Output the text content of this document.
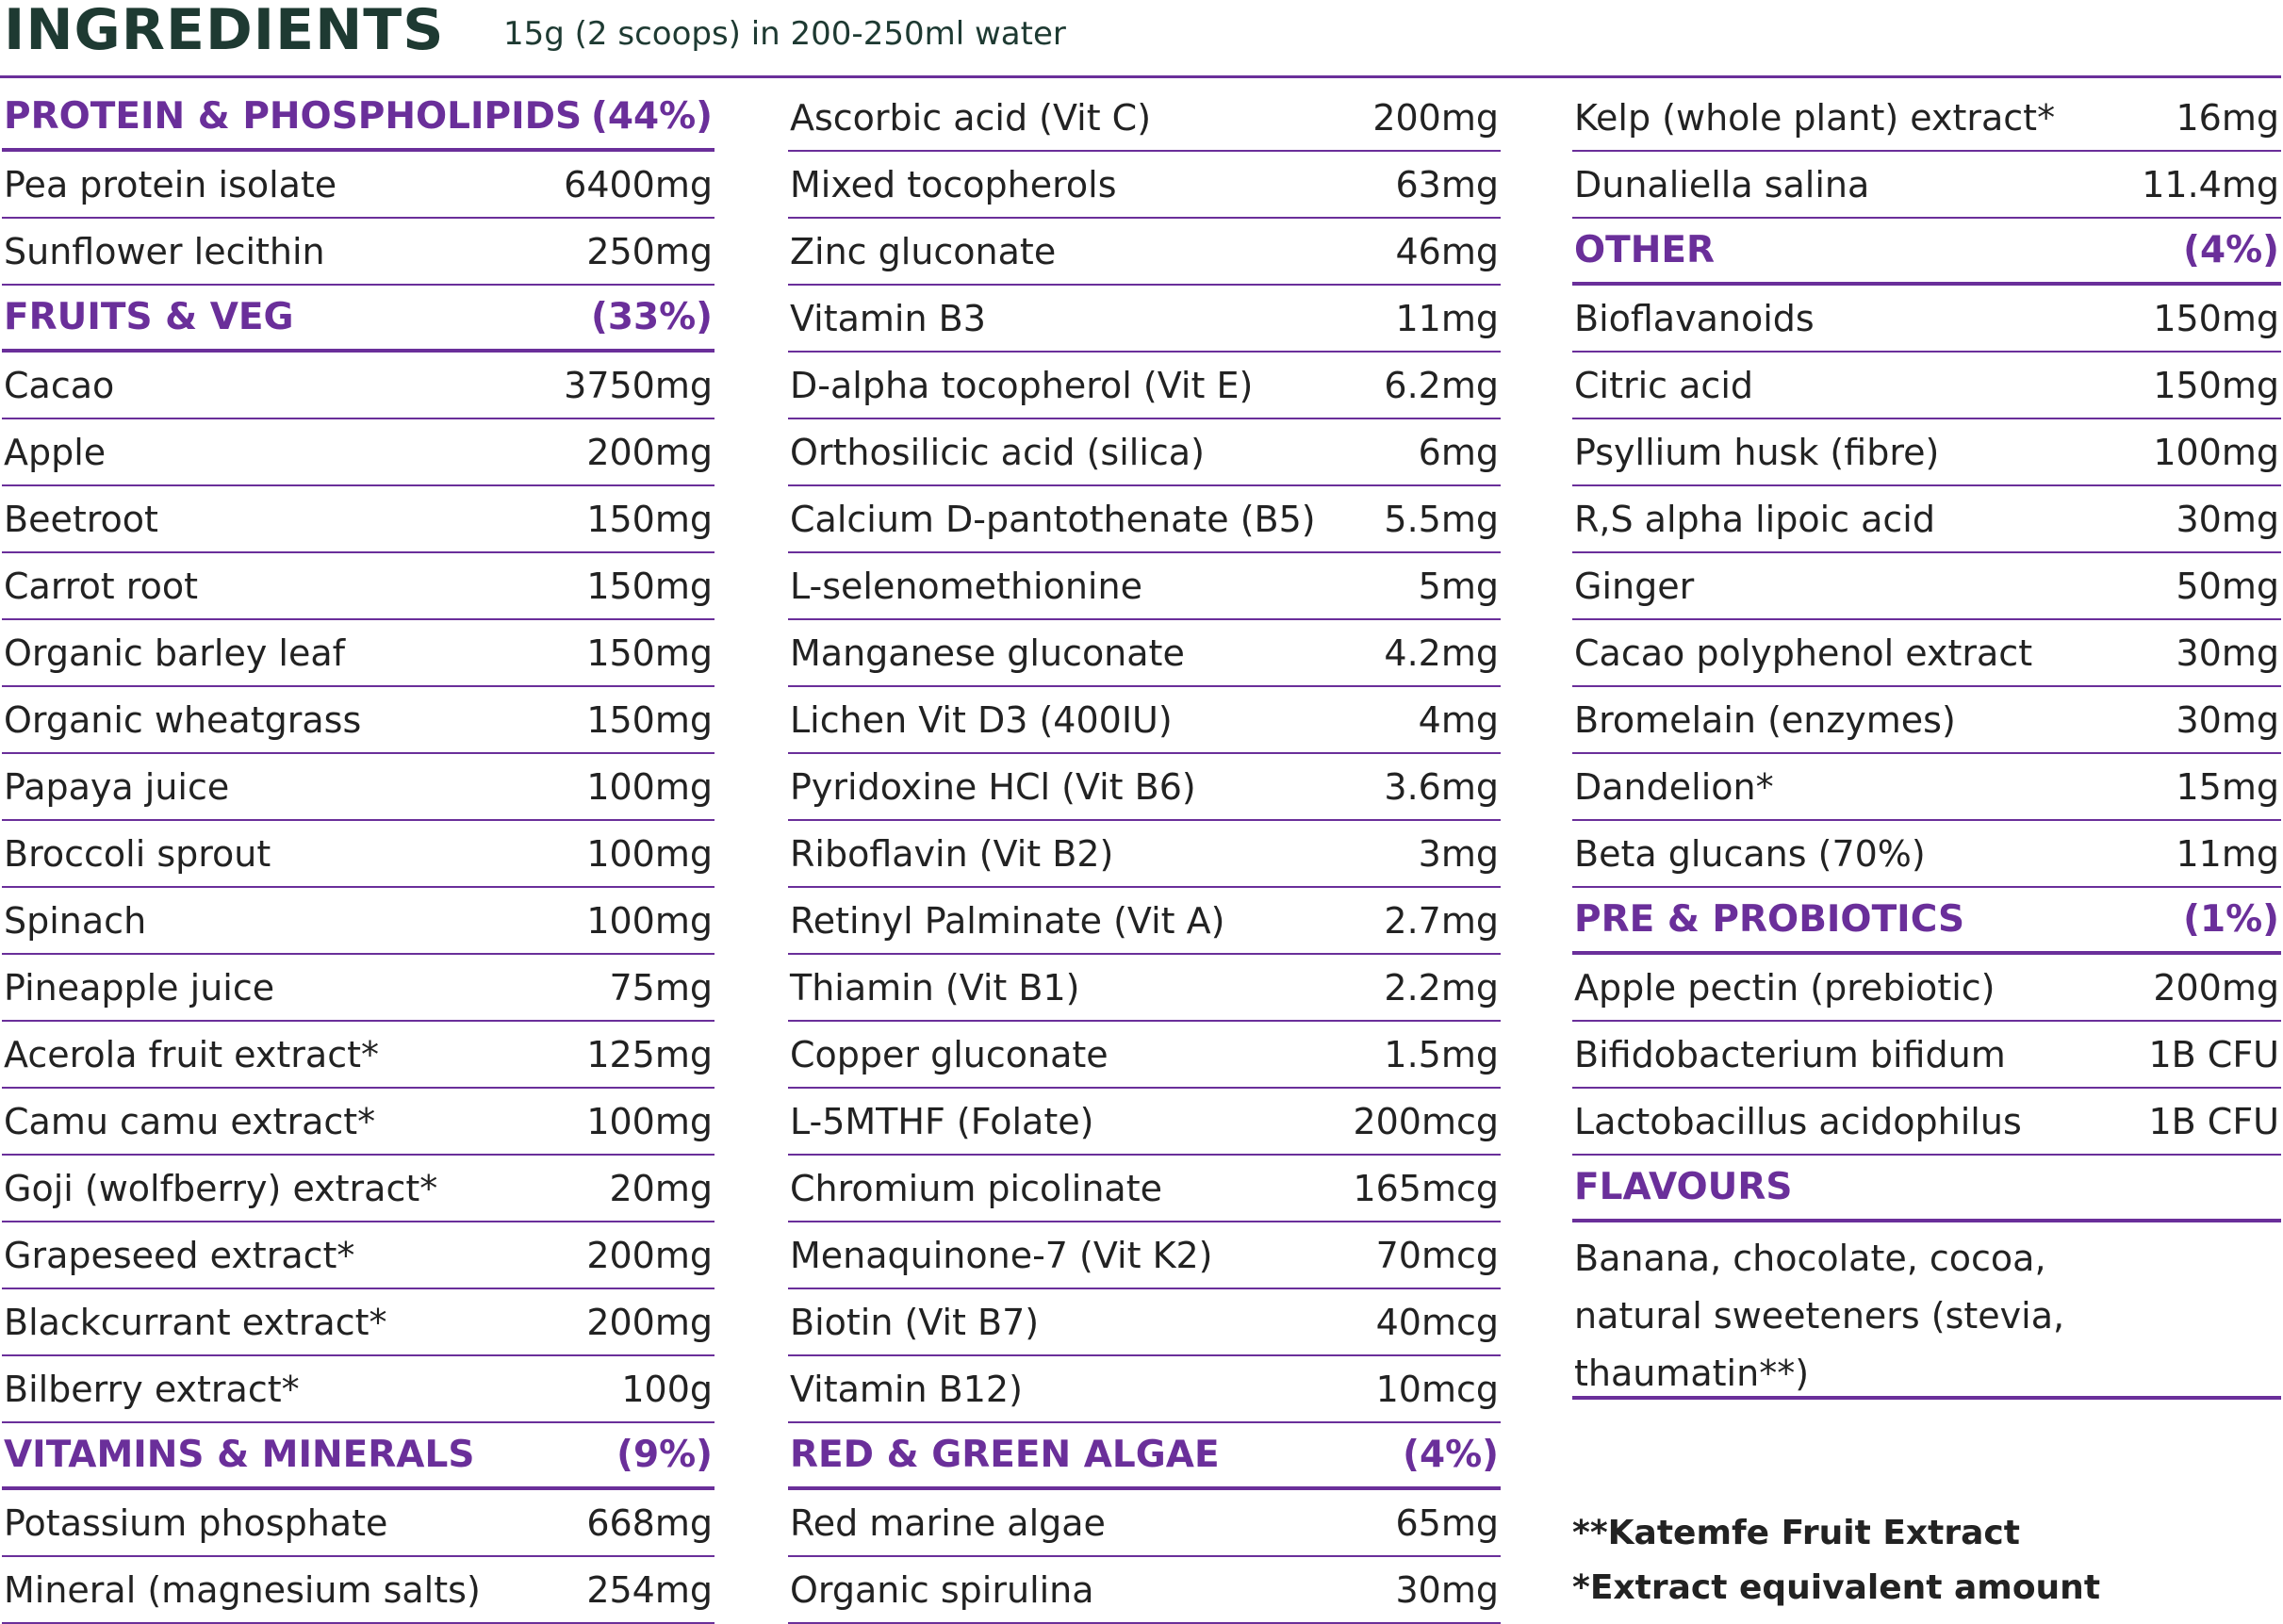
INGREDIENTS 15g (2 scoops) in 200-250ml water
PROTEIN & PHOSPHOLIPIDS (44%)
Pea protein isolate	6400mg
Sunflower lecithin	250mg
FRUITS & VEG	(33%)
Cacao	3750mg
Apple	200mg
Beetroot	150mg
Carrot root	150mg
Organic barley leaf	150mg
Organic wheatgrass	150mg
Papaya juice	100mg
Broccoli sprout	100mg
Spinach	100mg
Pineapple juice	75mg
Acerola fruit extract*	125mg
Camu camu extract*	100mg
Goji (wolfberry) extract*	20mg
Grapeseed extract*	200mg
Blackcurrant extract*	200mg
Bilberry extract*	100g
VITAMINS & MINERALS	(9%)
Potassium phosphate	668mg
Mineral (magnesium salts)	254mg
Ascorbic acid (Vit C)	200mg
Mixed tocopherols	63mg
Zinc gluconate	46mg
Vitamin B3	11mg
D-alpha tocopherol (Vit E)	6.2mg
Orthosilicic acid (silica)	6mg
Calcium D-pantothenate (B5) 5.5mg
L-selenomethionine	5mg
Manganese gluconate	4.2mg
Lichen Vit D3 (400IU)	4mg
Pyridoxine HCl (Vit B6)	3.6mg
Riboflavin (Vit B2)	3mg
Retinyl Palminate (Vit A)	2.7mg
Thiamin (Vit B1)	2.2mg
Copper gluconate	1.5mg
L-5MTHF (Folate)	200mcg
Chromium picolinate	165mcg
Menaquinone-7 (Vit K2)	70mcg
Biotin (Vit B7)	40mcg
Vitamin B12)	10mcg
RED & GREEN ALGAE	(4%)
Red marine algae	65mg
Organic spirulina	30mg
Kelp (whole plant) extract*	16mg
Dunaliella salina	11.4mg
OTHER	(4%)
Bioflavanoids	150mg
Citric acid	150mg
Psyllium husk (fibre)	100mg
R,S alpha lipoic acid	30mg
Ginger	50mg
Cacao polyphenol extract	30mg
Bromelain (enzymes)	30mg
Dandelion*	15mg
Beta glucans (70%)	11mg
PRE & PROBIOTICS	(1%)
Apple pectin (prebiotic)	200mg
Bifidobacterium bifidum	1B CFU
Lactobacillus acidophilus	1B CFU
FLAVOURS
Banana, chocolate, cocoa,
natural sweeteners (stevia,
thaumatin**)
**Katemfe Fruit Extract
*Extract equivalent amount
